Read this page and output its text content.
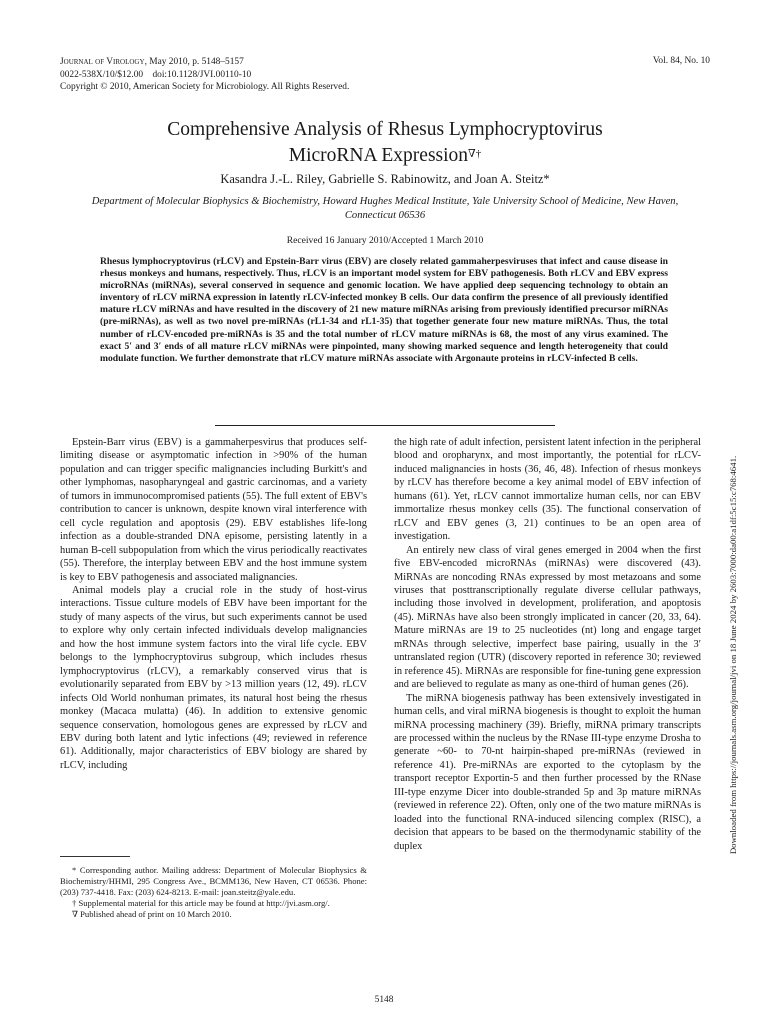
Journal of Virology, May 2010, p. 5148–5157
0022-538X/10/$12.00    doi:10.1128/JVI.00110-10
Copyright © 2010, American Society for Microbiology. All Rights Reserved.
Vol. 84, No. 10
Comprehensive Analysis of Rhesus Lymphocryptovirus
MicroRNA Expression∇†
Kasandra J.-L. Riley, Gabrielle S. Rabinowitz, and Joan A. Steitz*
Department of Molecular Biophysics & Biochemistry, Howard Hughes Medical Institute, Yale University School of Medicine, New Haven, Connecticut 06536
Received 16 January 2010/Accepted 1 March 2010
Rhesus lymphocryptovirus (rLCV) and Epstein-Barr virus (EBV) are closely related gammaherpesviruses that infect and cause disease in rhesus monkeys and humans, respectively. Thus, rLCV is an important model system for EBV pathogenesis. Both rLCV and EBV express microRNAs (miRNAs), several conserved in sequence and genomic location. We have applied deep sequencing technology to obtain an inventory of rLCV miRNA expression in latently rLCV-infected monkey B cells. Our data confirm the presence of all previously identified mature rLCV miRNAs and have resulted in the discovery of 21 new mature miRNAs arising from previously identified precursor miRNAs (pre-miRNAs), as well as two novel pre-miRNAs (rL1-34 and rL1-35) that together generate four new mature miRNAs. Thus, the total number of rLCV-encoded pre-miRNAs is 35 and the total number of rLCV mature miRNAs is 68, the most of any virus examined. The exact 5′ and 3′ ends of all mature rLCV miRNAs were pinpointed, many showing marked sequence and length heterogeneity that could modulate function. We further demonstrate that rLCV mature miRNAs associate with Argonaute proteins in rLCV-infected B cells.

Epstein-Barr virus (EBV) is a gammaherpesvirus that produces self-limiting disease or asymptomatic infection in >90% of the human population and can trigger specific malignancies including Burkitt's and other lymphomas, nasopharyngeal and gastric carcinomas, and a variety of tumors in immunocompromised patients (55). The full extent of EBV's contribution to cancer is unknown, despite known viral interference with cell cycle regulation and apoptosis (29). EBV establishes life-long infection as a double-stranded DNA episome, persisting latently in a human B-cell subpopulation from which the virus periodically reactivates (55). Therefore, the interplay between EBV and the host immune system is key to EBV pathogenesis and associated malignancies.

Animal models play a crucial role in the study of host-virus interactions. Tissue culture models of EBV have been important for the study of many aspects of the virus, but such experiments cannot be used to explore why only certain infected individuals develop malignancies and how the host immune system factors into the viral life cycle. EBV belongs to the lymphocryptovirus subgroup, which includes rhesus lymphocryptovirus (rLCV), a remarkably conserved virus that is evolutionarily separated from EBV by >13 million years (12, 49). rLCV infects Old World nonhuman primates, its natural host being the rhesus monkey (Macaca mulatta) (46). In addition to extensive genomic sequence conservation, homologous genes are expressed by rLCV and EBV during both latent and lytic infections (49; reviewed in reference 61). Additionally, major characteristics of EBV biology are shared by rLCV, including

the high rate of adult infection, persistent latent infection in the peripheral blood and oropharynx, and most importantly, the potential for rLCV-induced malignancies in hosts (36, 46, 48). Infection of rhesus monkeys by rLCV has therefore become a key animal model of EBV infection of humans (61). Yet, rLCV cannot immortalize human cells, nor can EBV immortalize rhesus monkey cells (35). The functional conservation of rLCV and EBV genes (3, 21) continues to be an open area of investigation.

An entirely new class of viral genes emerged in 2004 when the first five EBV-encoded microRNAs (miRNAs) were discovered (43). MiRNAs are noncoding RNAs expressed by most metazoans and some viruses that posttranscriptionally regulate diverse cellular pathways, including those involved in development, proliferation, and apoptosis (45). MiRNAs have also been strongly implicated in cancer (20, 33, 64). Mature miRNAs are 19 to 25 nucleotides (nt) long and engage target mRNAs through selective, imperfect base pairing, usually in the 3′ untranslated region (UTR) (discovery reported in reference 30; reviewed in reference 45). MiRNAs are responsible for fine-tuning gene expression and are believed to regulate as many as one-third of human genes (26).

The miRNA biogenesis pathway has been extensively investigated in human cells, and viral miRNA biogenesis is thought to exploit the human miRNA processing machinery (39). Briefly, miRNA primary transcripts are processed within the nucleus by the RNase III-type enzyme Drosha to generate ~60- to 70-nt hairpin-shaped pre-miRNAs (reviewed in reference 41). Pre-miRNAs are exported to the cytoplasm by the transport receptor Exportin-5 and then further processed by the RNase III-type enzyme Dicer into double-stranded 5p and 3p mature miRNAs (reviewed in reference 22). Often, only one of the two mature miRNAs is loaded into the functional RNA-induced silencing complex (RISC), a decision that appears to be based on the thermodynamic stability of the duplex

* Corresponding author. Mailing address: Department of Molecular Biophysics & Biochemistry/HHMI, 295 Congress Ave., BCMM136, New Haven, CT 06536. Phone: (203) 737-4418. Fax: (203) 624-8213. E-mail: joan.steitz@yale.edu.

† Supplemental material for this article may be found at http://jvi.asm.org/.

∇ Published ahead of print on 10 March 2010.

5148
Downloaded from https://journals.asm.org/journal/jvi on 18 June 2024 by 2603:7000:da00:a1df:5c15:c768:4641.
